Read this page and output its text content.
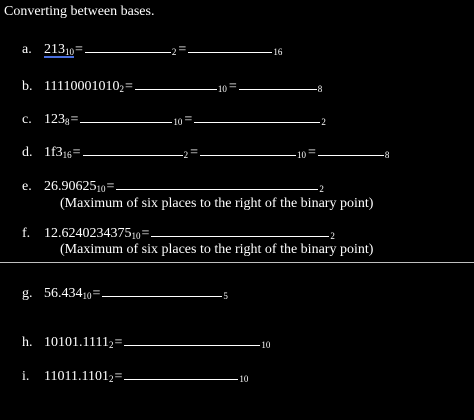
Converting between bases.
a. 21310 =	2 =	16
b. 111100010102 =	10 =	8
c. 1238 =	10 =	2
d. 1f316 =	2 =	10 =	8
e. 26.9062510 =	2
(Maximum of six places to the right of the binary point)
f. 12.624023437510 =	2
(Maximum of six places to the right of the binary point)
g. 56.43410 =	5
h. 10101.11112 =	10
i.	11011.11012 =	10
